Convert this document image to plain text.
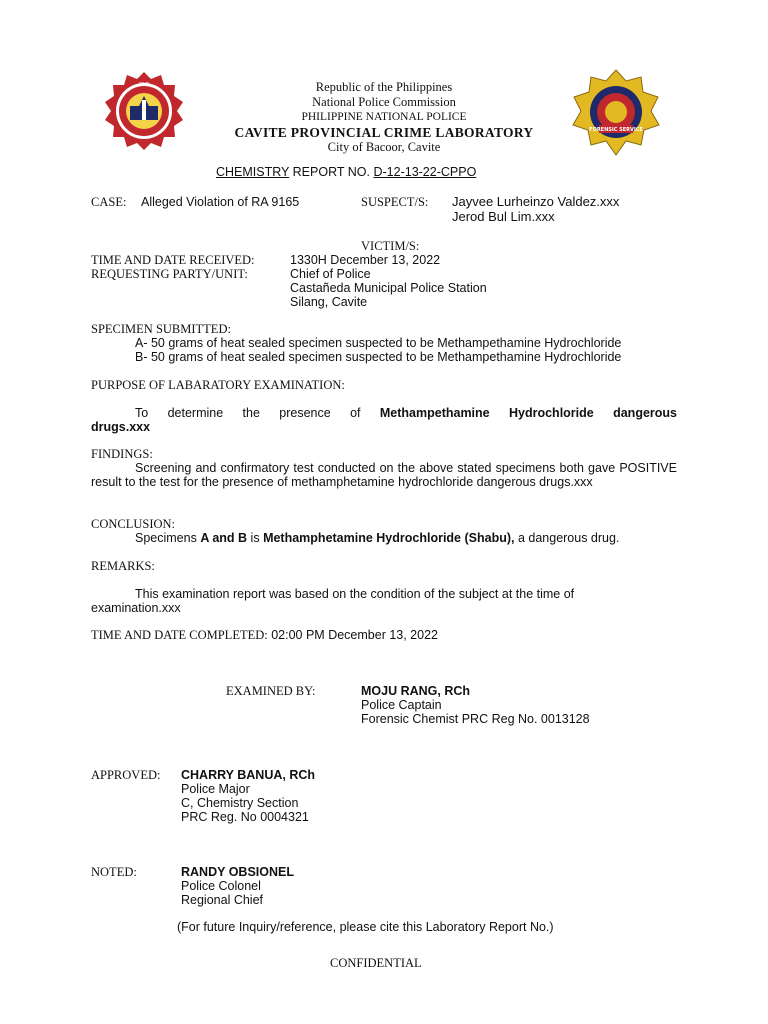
PNP
FORENSIC SERVICE
Republic of the Philippines
National Police Commission
PHILIPPINE NATIONAL POLICE
CAVITE PROVINCIAL CRIME LABORATORY
City of Bacoor, Cavite
CHEMISTRY REPORT NO. D-12-13-22-CPPO
CASE: Alleged Violation of RA 9165	SUSPECT/S: Jayvee Lurheinzo Valdez.xxx
Jerod Bul Lim.xxx
VICTIM/S:
TIME AND DATE RECEIVED:	1330H December 13, 2022
REQUESTING PARTY/UNIT:	Chief of Police
Castañeda Municipal Police Station
Silang, Cavite
SPECIMEN SUBMITTED:
A- 50 grams of heat sealed specimen suspected to be Methampethamine Hydrochloride
B- 50 grams of heat sealed specimen suspected to be Methampethamine Hydrochloride
PURPOSE OF LABARATORY EXAMINATION:
To determine the presence of Methampethamine Hydrochloride dangerous drugs.xxx
FINDINGS:
Screening and confirmatory test conducted on the above stated specimens both gave POSITIVE result to the test for the presence of methamphetamine hydrochloride dangerous drugs.xxx
CONCLUSION:
Specimens A and B is Methamphetamine Hydrochloride (Shabu), a dangerous drug.
REMARKS:
This examination report was based on the condition of the subject at the time of examination.xxx
TIME AND DATE COMPLETED: 02:00 PM December 13, 2022
EXAMINED BY:	MOJU RANG, RCh
Police Captain
Forensic Chemist PRC Reg No. 0013128
APPROVED: CHARRY BANUA, RCh
Police Major
C, Chemistry Section
PRC Reg. No 0004321
NOTED:	RANDY OBSIONEL
Police Colonel
Regional Chief
(For future Inquiry/reference, please cite this Laboratory Report No.)
CONFIDENTIAL
